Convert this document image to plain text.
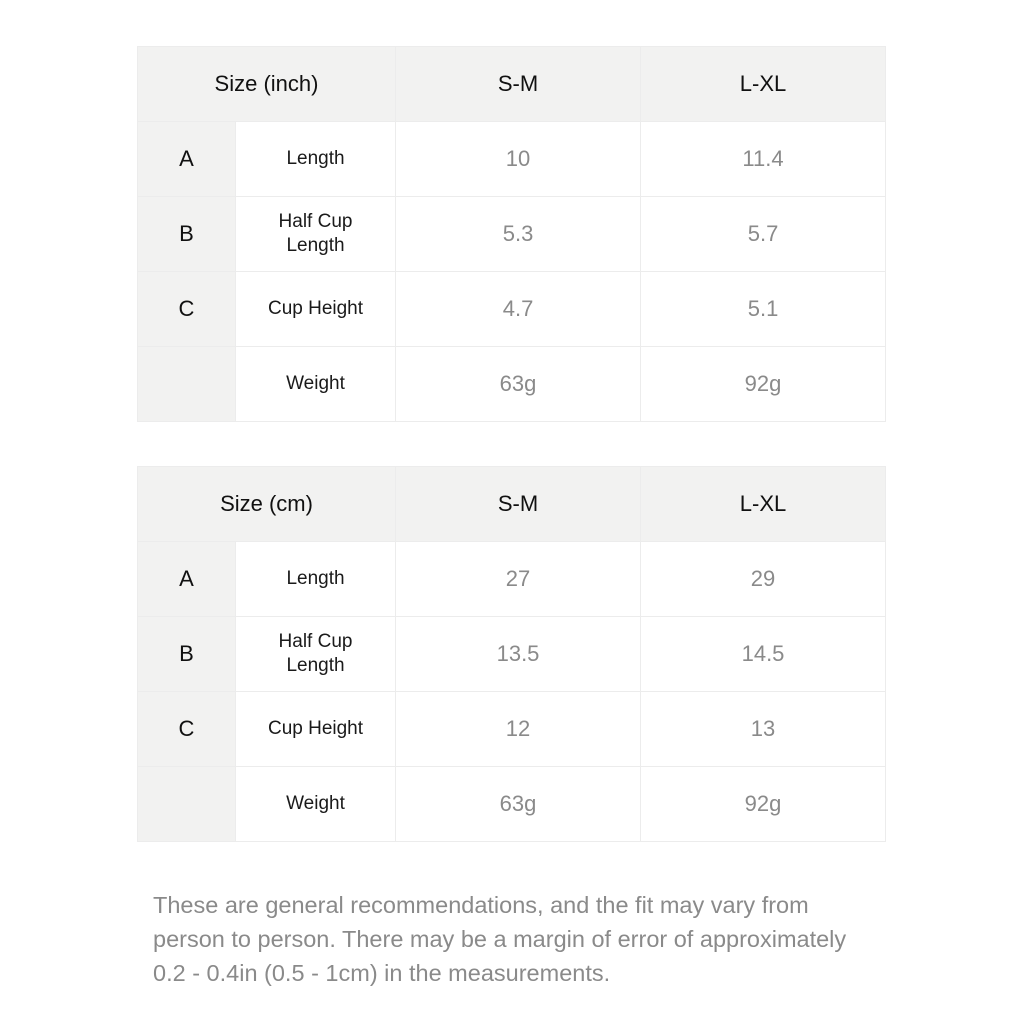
Size (inch)		S-M	L-XL
A	Length	10	11.4
B	Half Cup Length	5.3	5.7
C	Cup Height	4.7	5.1
	Weight	63g	92g
Size (cm)		S-M	L-XL
A	Length	27	29
B	Half Cup Length	13.5	14.5
C	Cup Height	12	13
	Weight	63g	92g

These are general recommendations, and the fit may vary from person to person. There may be a margin of error of approximately 0.2 - 0.4in (0.5 - 1cm) in the measurements.
